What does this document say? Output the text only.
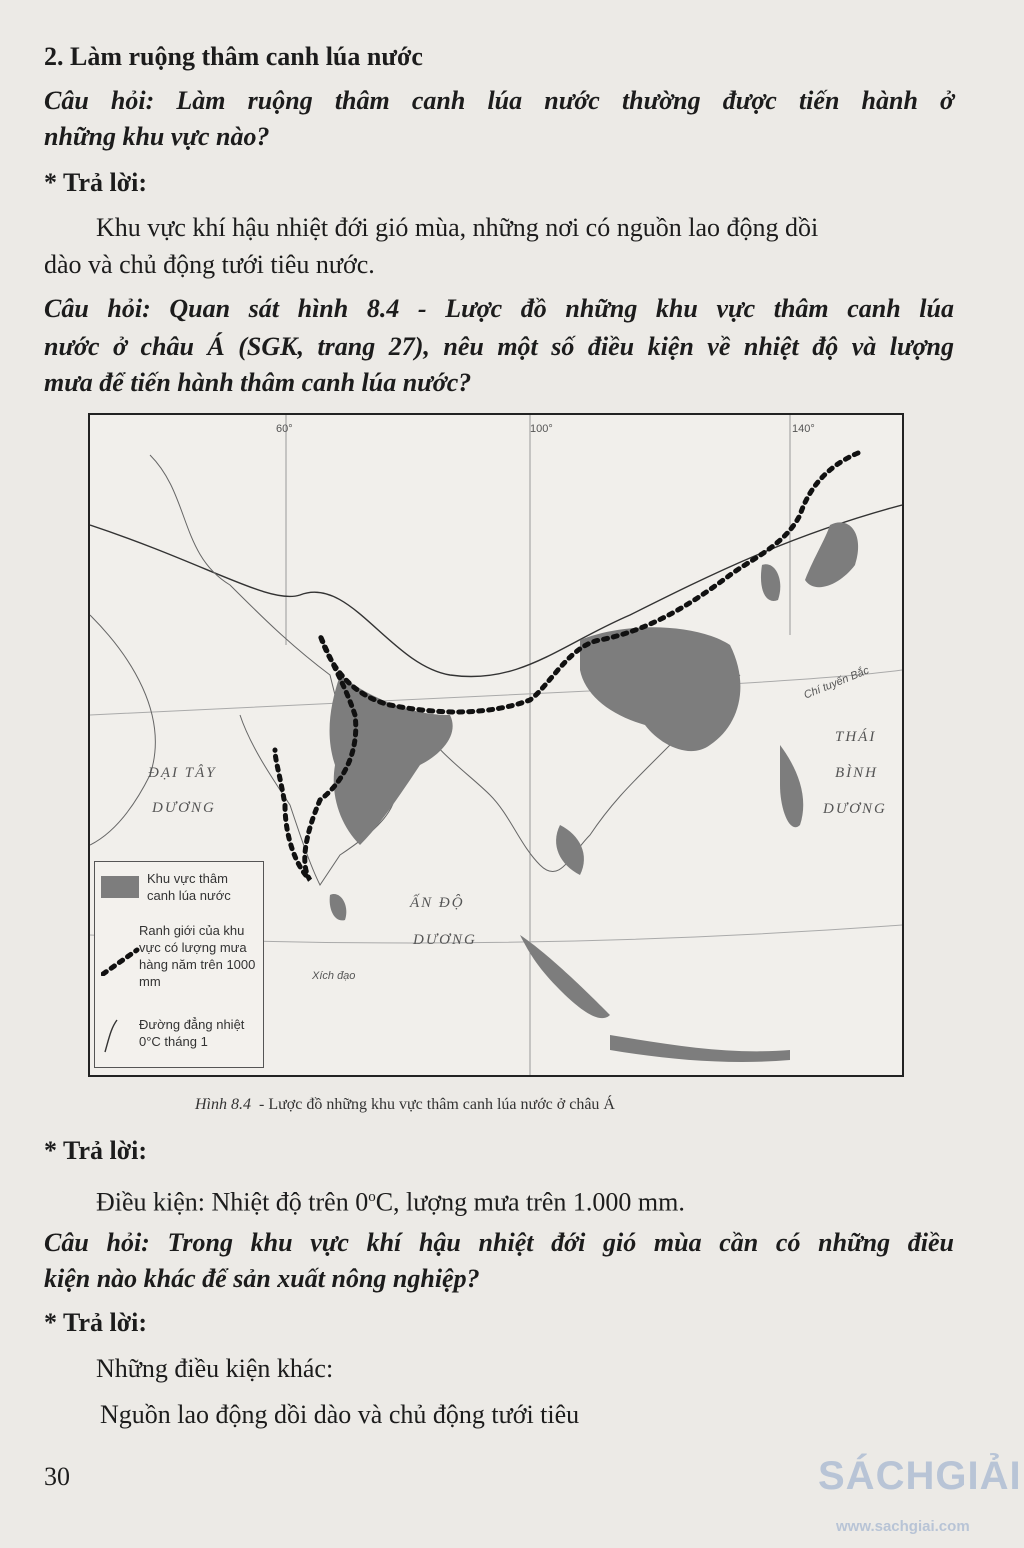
2. Làm ruộng thâm canh lúa nước
Câu hỏi: Làm ruộng thâm canh lúa nước thường được tiến hành ở
những khu vực nào?
* Trả lời:
Khu vực khí hậu nhiệt đới gió mùa, những nơi có nguồn lao động dồi
dào và chủ động tưới tiêu nước.
Câu hỏi: Quan sát hình 8.4 - Lược đồ những khu vực thâm canh lúa
nước ở châu Á (SGK, trang 27), nêu một số điều kiện về nhiệt độ và lượng
mưa để tiến hành thâm canh lúa nước?
60°	100°	140°
ĐẠI TÂY
DƯƠNG
THÁI
BÌNH
DƯƠNG
ẤN ĐỘ
DƯƠNG
Chí tuyến Bắc
Xích đạo
Khu vực thâm canh lúa nước
Ranh giới của khu vực có lượng mưa hàng năm trên 1000 mm
Đường đẳng nhiệt 0°C tháng 1
Hình 8.4 - Lược đồ những khu vực thâm canh lúa nước ở châu Á
* Trả lời:
Điều kiện: Nhiệt độ trên 0$^o$C, lượng mưa trên 1.000 mm.
Câu hỏi: Trong khu vực khí hậu nhiệt đới gió mùa cần có những điều
kiện nào khác để sản xuất nông nghiệp?
* Trả lời:
Những điều kiện khác:
Nguồn lao động dồi dào và chủ động tưới tiêu
30	SÁCHGIẢI
www.sachgiai.com
